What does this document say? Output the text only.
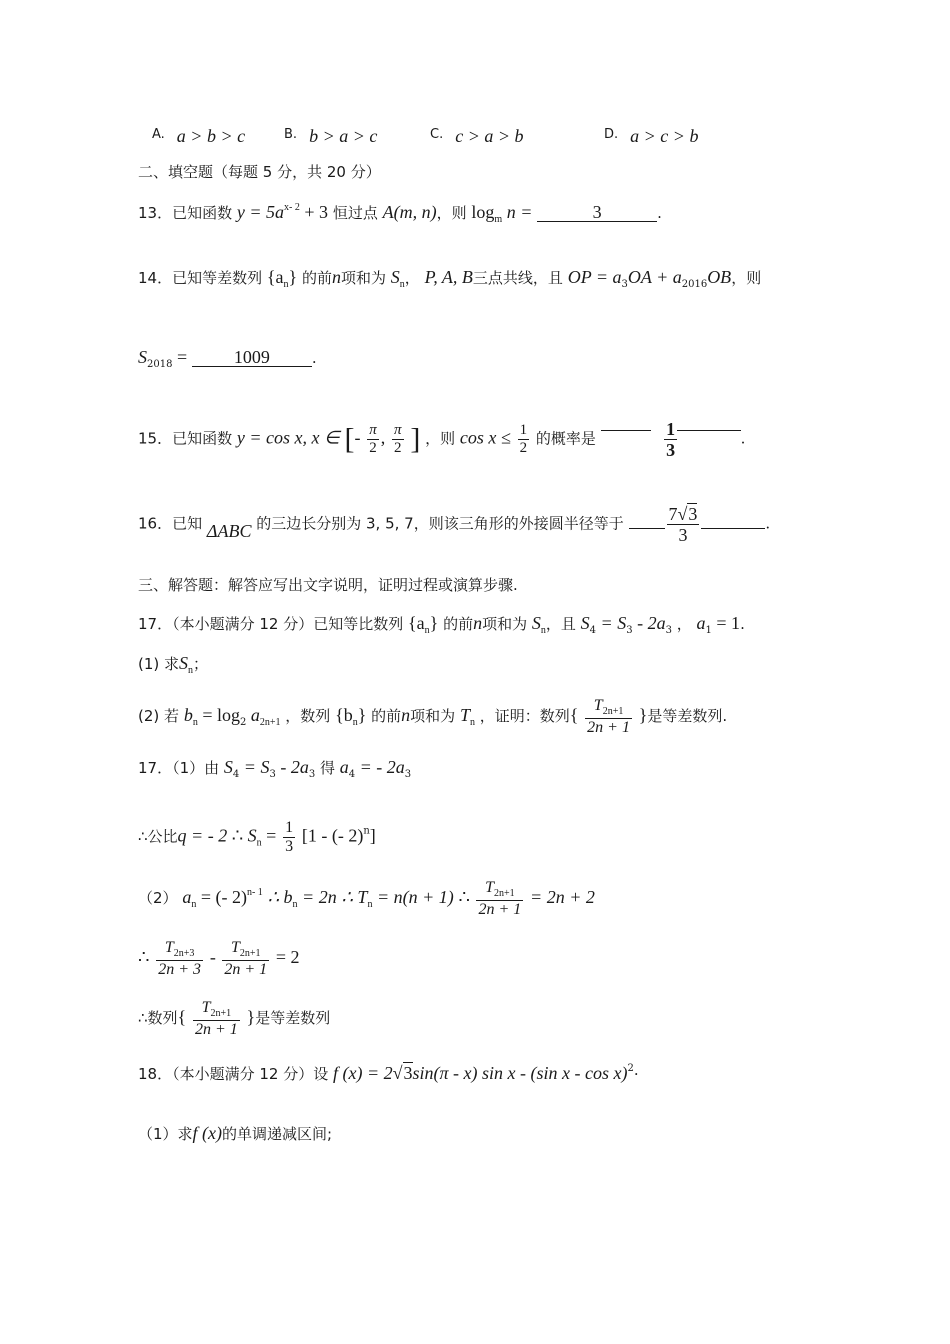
A. a > b > c	B. b > a > c	C. c > a > b	D. a > c > b
二、填空题（每题 5 分，共 20 分）
13．已知函数 $y = 5a^{x- 2} + 3$ 恒过点 A(m, n)，则 $\log_m n$ =	3	.
14．已知等差数列 $\{a_n\}$ 的前n项和为 $S_n$， P, A, B三点共线，且 OP = $a_3OA + a_{2016}OB$，则
$S_{2018}$ =	1009	.
15．已知函数 y = cos x, x ∈ [- $\frac{\pi}{2}$ , $\frac{\pi}{2}$ ] ，则 $\cos x \le \frac{1}{2}$ 的概率是	$\frac{1}{3}$	.
16．已知 ΔABC 的三边长分别为 3, 5, 7，则该三角形的外接圆半径等于 $\frac{7√3}{3}$	.
三、解答题：解答应写出文字说明，证明过程或演算步骤.
17．（本小题满分 12 分）已知等比数列 $\{a_n\}$ 的前n项和为 $S_n$，且 $S_4 = S_3 - 2a_3$ ， $a_1 = 1$.
(1) 求$S_n$；
(2) 若 $b_n = \log_2 a_{2n+1}$ ，数列 $\{b_n\}$ 的前n项和为 $T_n$ ，证明：数列{ $\frac{T_{2n+1}}{2n + 1}$ }是等差数列.
17．（1）由 $S_4 = S_3 - 2a_3$ 得 $a_4$ = - $2a_3$
∴公比q = - 2 ∴ $S_n = \frac{1}{3} [1$ - (- 2)$^n$]
（2） $a_n$ = (- 2)$^{n- 1}$ ∴ $b_n = 2n$ ∴ $T_n = n(n + 1)$ ∴ $\frac{T_{2n+1}}{2n + 1} = 2n + 2$
∴ $\frac{T_{2n+3}}{2n + 3} - \frac{T_{2n+1}}{2n + 1} = 2$
∴数列{ $\frac{T_{2n+1}}{2n + 1}$ }是等差数列
18．（本小题满分 12 分）设 f (x) = 2√3sin(π - x) sin x - (sin x - cos x)$^2$·
（1）求f (x)的单调递减区间;
